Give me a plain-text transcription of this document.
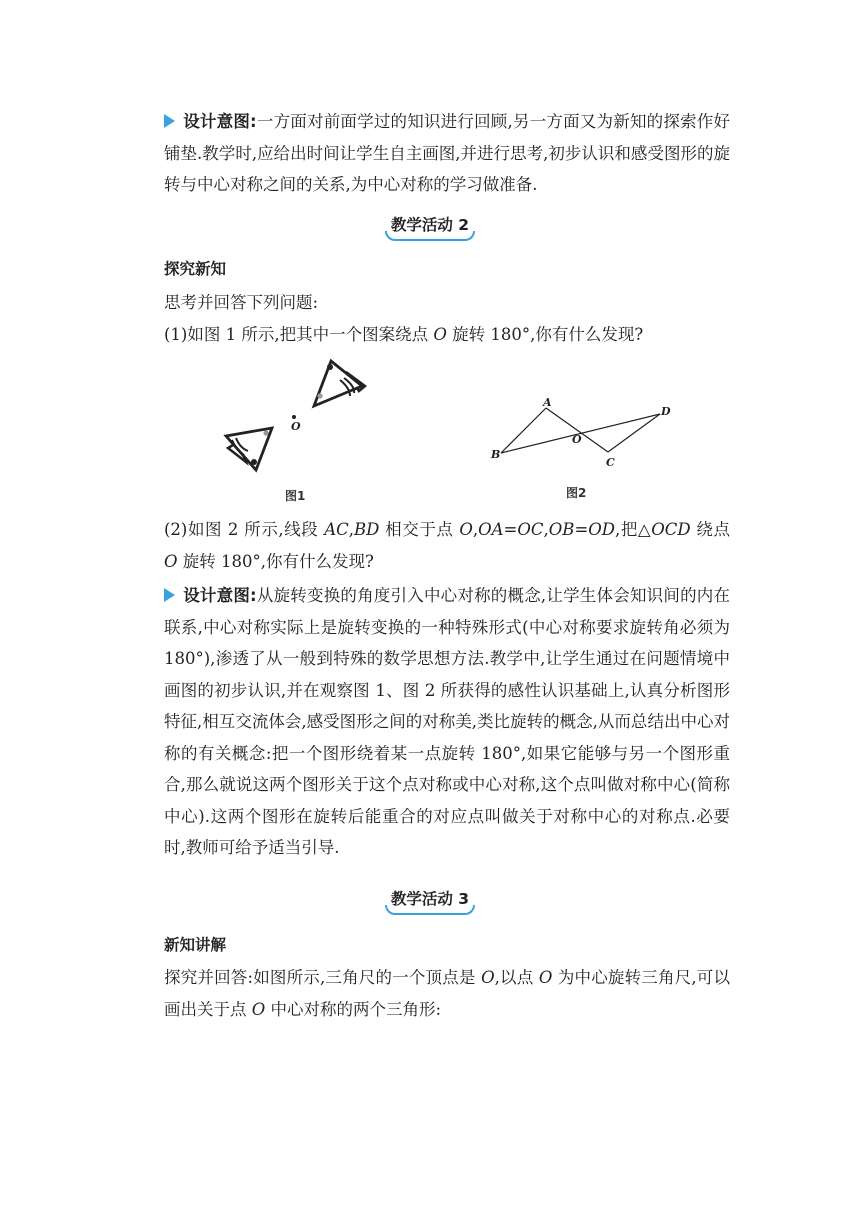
设计意图:一方面对前面学过的知识进行回顾,另一方面又为新知的探索作好铺垫.教学时,应给出时间让学生自主画图,并进行思考,初步认识和感受图形的旋转与中心对称之间的关系,为中心对称的学习做准备.
教学活动 2
探究新知
思考并回答下列问题:
(1)如图 1 所示,把其中一个图案绕点 O 旋转 180°,你有什么发现?
O
图1
A
B
C
D
O
图2
(2)如图 2 所示,线段 AC,BD 相交于点 O,OA=OC,OB=OD,把△OCD 绕点 O 旋转 180°,你有什么发现?
设计意图:从旋转变换的角度引入中心对称的概念,让学生体会知识间的内在联系,中心对称实际上是旋转变换的一种特殊形式(中心对称要求旋转角必须为 180°),渗透了从一般到特殊的数学思想方法.教学中,让学生通过在问题情境中画图的初步认识,并在观察图 1、图 2 所获得的感性认识基础上,认真分析图形特征,相互交流体会,感受图形之间的对称美,类比旋转的概念,从而总结出中心对称的有关概念:把一个图形绕着某一点旋转 180°,如果它能够与另一个图形重合,那么就说这两个图形关于这个点对称或中心对称,这个点叫做对称中心(简称中心).这两个图形在旋转后能重合的对应点叫做关于对称中心的对称点.必要时,教师可给予适当引导.
教学活动 3
新知讲解
探究并回答:如图所示,三角尺的一个顶点是 O,以点 O 为中心旋转三角尺,可以画出关于点 O 中心对称的两个三角形:
